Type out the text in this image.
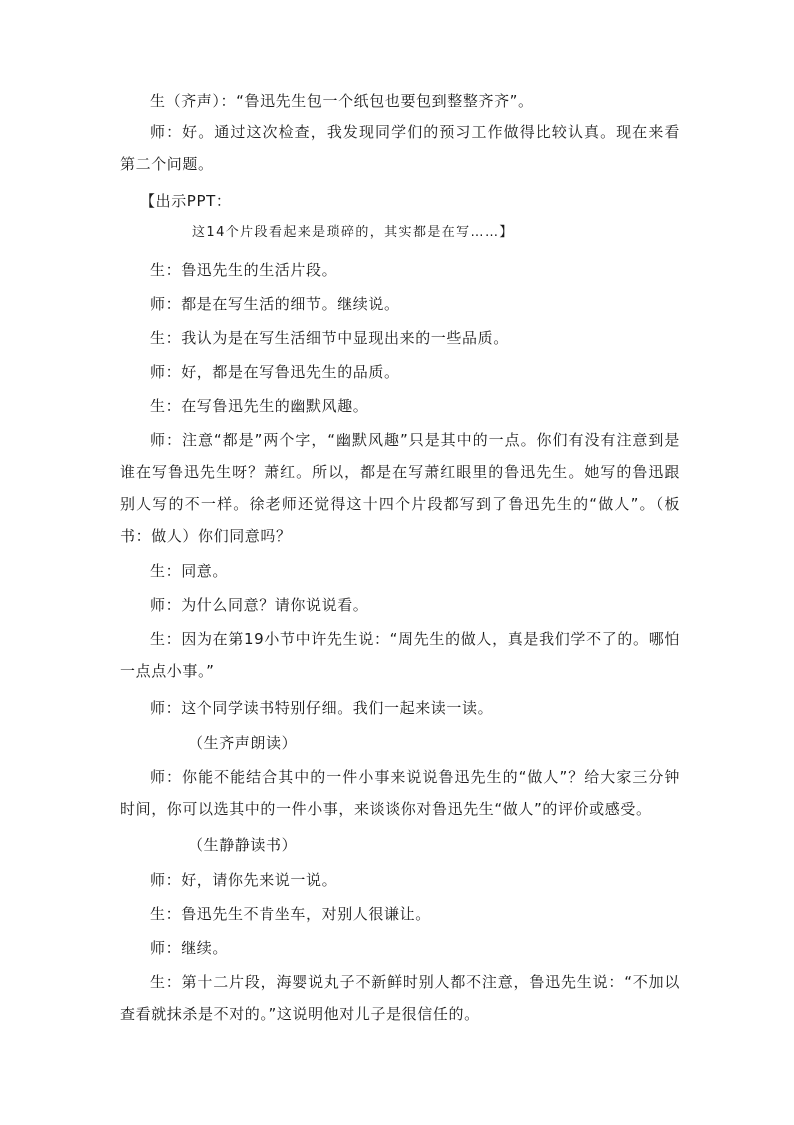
生（齐声）：“鲁迅先生包一个纸包也要包到整整齐齐”。

师：好。通过这次检查，我发现同学们的预习工作做得比较认真。现在来看第二个问题。

【出示PPT：

这14个片段看起来是琐碎的，其实都是在写……】

生：鲁迅先生的生活片段。

师：都是在写生活的细节。继续说。

生：我认为是在写生活细节中显现出来的一些品质。

师：好，都是在写鲁迅先生的品质。

生：在写鲁迅先生的幽默风趣。

师：注意“都是”两个字，“幽默风趣”只是其中的一点。你们有没有注意到是谁在写鲁迅先生呀？萧红。所以，都是在写萧红眼里的鲁迅先生。她写的鲁迅跟别人写的不一样。徐老师还觉得这十四个片段都写到了鲁迅先生的“做人”。（板书：做人）你们同意吗？

生：同意。

师：为什么同意？请你说说看。

生：因为在第19小节中许先生说：“周先生的做人，真是我们学不了的。哪怕一点点小事。”

师：这个同学读书特别仔细。我们一起来读一读。

（生齐声朗读）

师：你能不能结合其中的一件小事来说说鲁迅先生的“做人”？给大家三分钟时间，你可以选其中的一件小事，来谈谈你对鲁迅先生“做人”的评价或感受。

（生静静读书）

师：好，请你先来说一说。

生：鲁迅先生不肯坐车，对别人很谦让。

师：继续。

生：第十二片段，海婴说丸子不新鲜时别人都不注意，鲁迅先生说：“不加以查看就抹杀是不对的。”这说明他对儿子是很信任的。
